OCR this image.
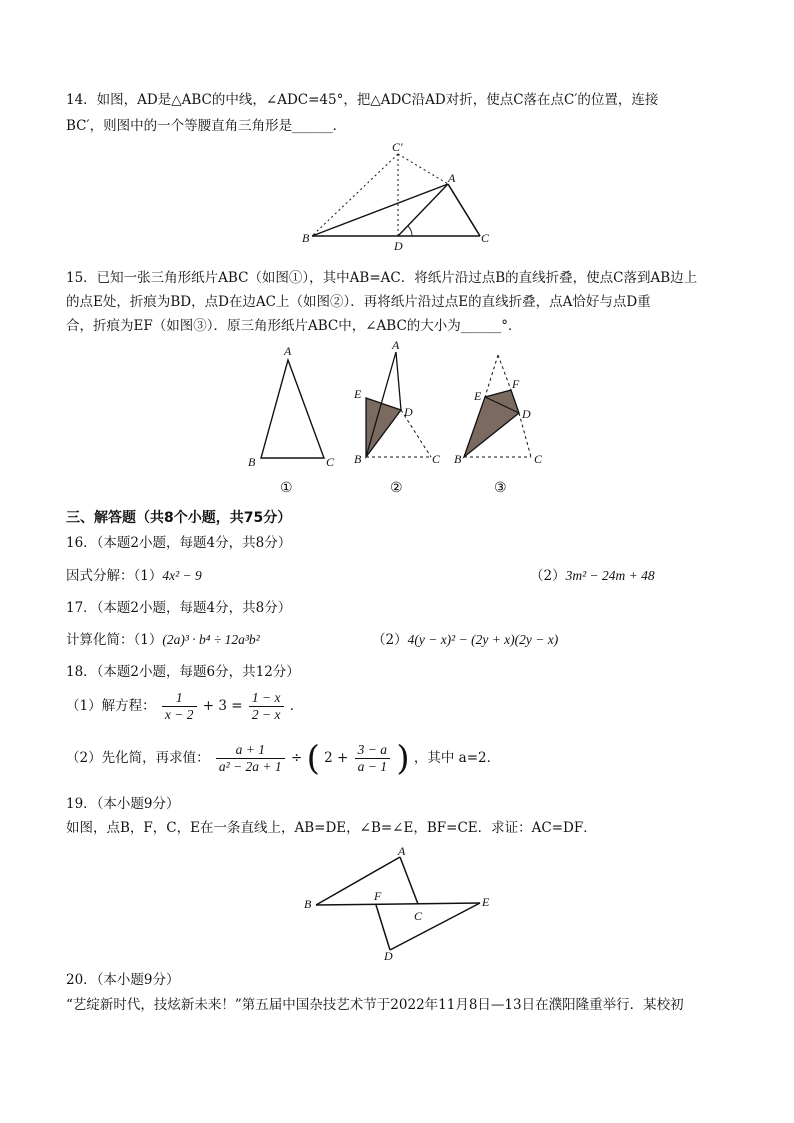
14．如图，AD是△ABC的中线，∠ADC=45°，把△ADC沿AD对折，使点C落在点C′的位置，连接
BC′，则图中的一个等腰直角三角形是______．
C′
A
B
D
C
15．已知一张三角形纸片ABC（如图①），其中AB=AC．将纸片沿过点B的直线折叠，使点C落到AB边上
的点E处，折痕为BD，点D在边AC上（如图②）．再将纸片沿过点E的直线折叠，点A恰好与点D重
合，折痕为EF（如图③）．原三角形纸片ABC中，∠ABC的大小为______°．
A
B	C
①
A
E
D
B	C
②
F
E
D
B	C
③
三、解答题（共8个小题，共75分）
16．（本题2小题，每题4分，共8分）
因式分解：（1）4x² − 9	（2）3m² − 24m + 48
17．（本题2小题，每题4分，共8分）
计算化简：（1）(2a)³ · b⁴ ÷ 12a³b²	（2）4(y − x)² − (2y + x)(2y − x)
18．（本题2小题，每题6分，共12分）
（1）解方程： $\frac{1}{x - 2} + 3 = \frac{1 - x}{2 - x}$ ．
（2）先化简，再求值： $\frac{a + 1}{\text{a² − 2a + 1}}$ ÷ ( $2 + \frac{3 - a}{a - 1}$ ) ，其中 a=2．
19．（本小题9分）
如图，点B，F，C，E在一条直线上，AB=DE，∠B=∠E，BF=CE．求证：AC=DF．
A
B
F
C
E
D
20．（本小题9分）
“艺绽新时代，技炫新未来！”第五届中国杂技艺术节于2022年11月8日—13日在濮阳隆重举行．某校初
